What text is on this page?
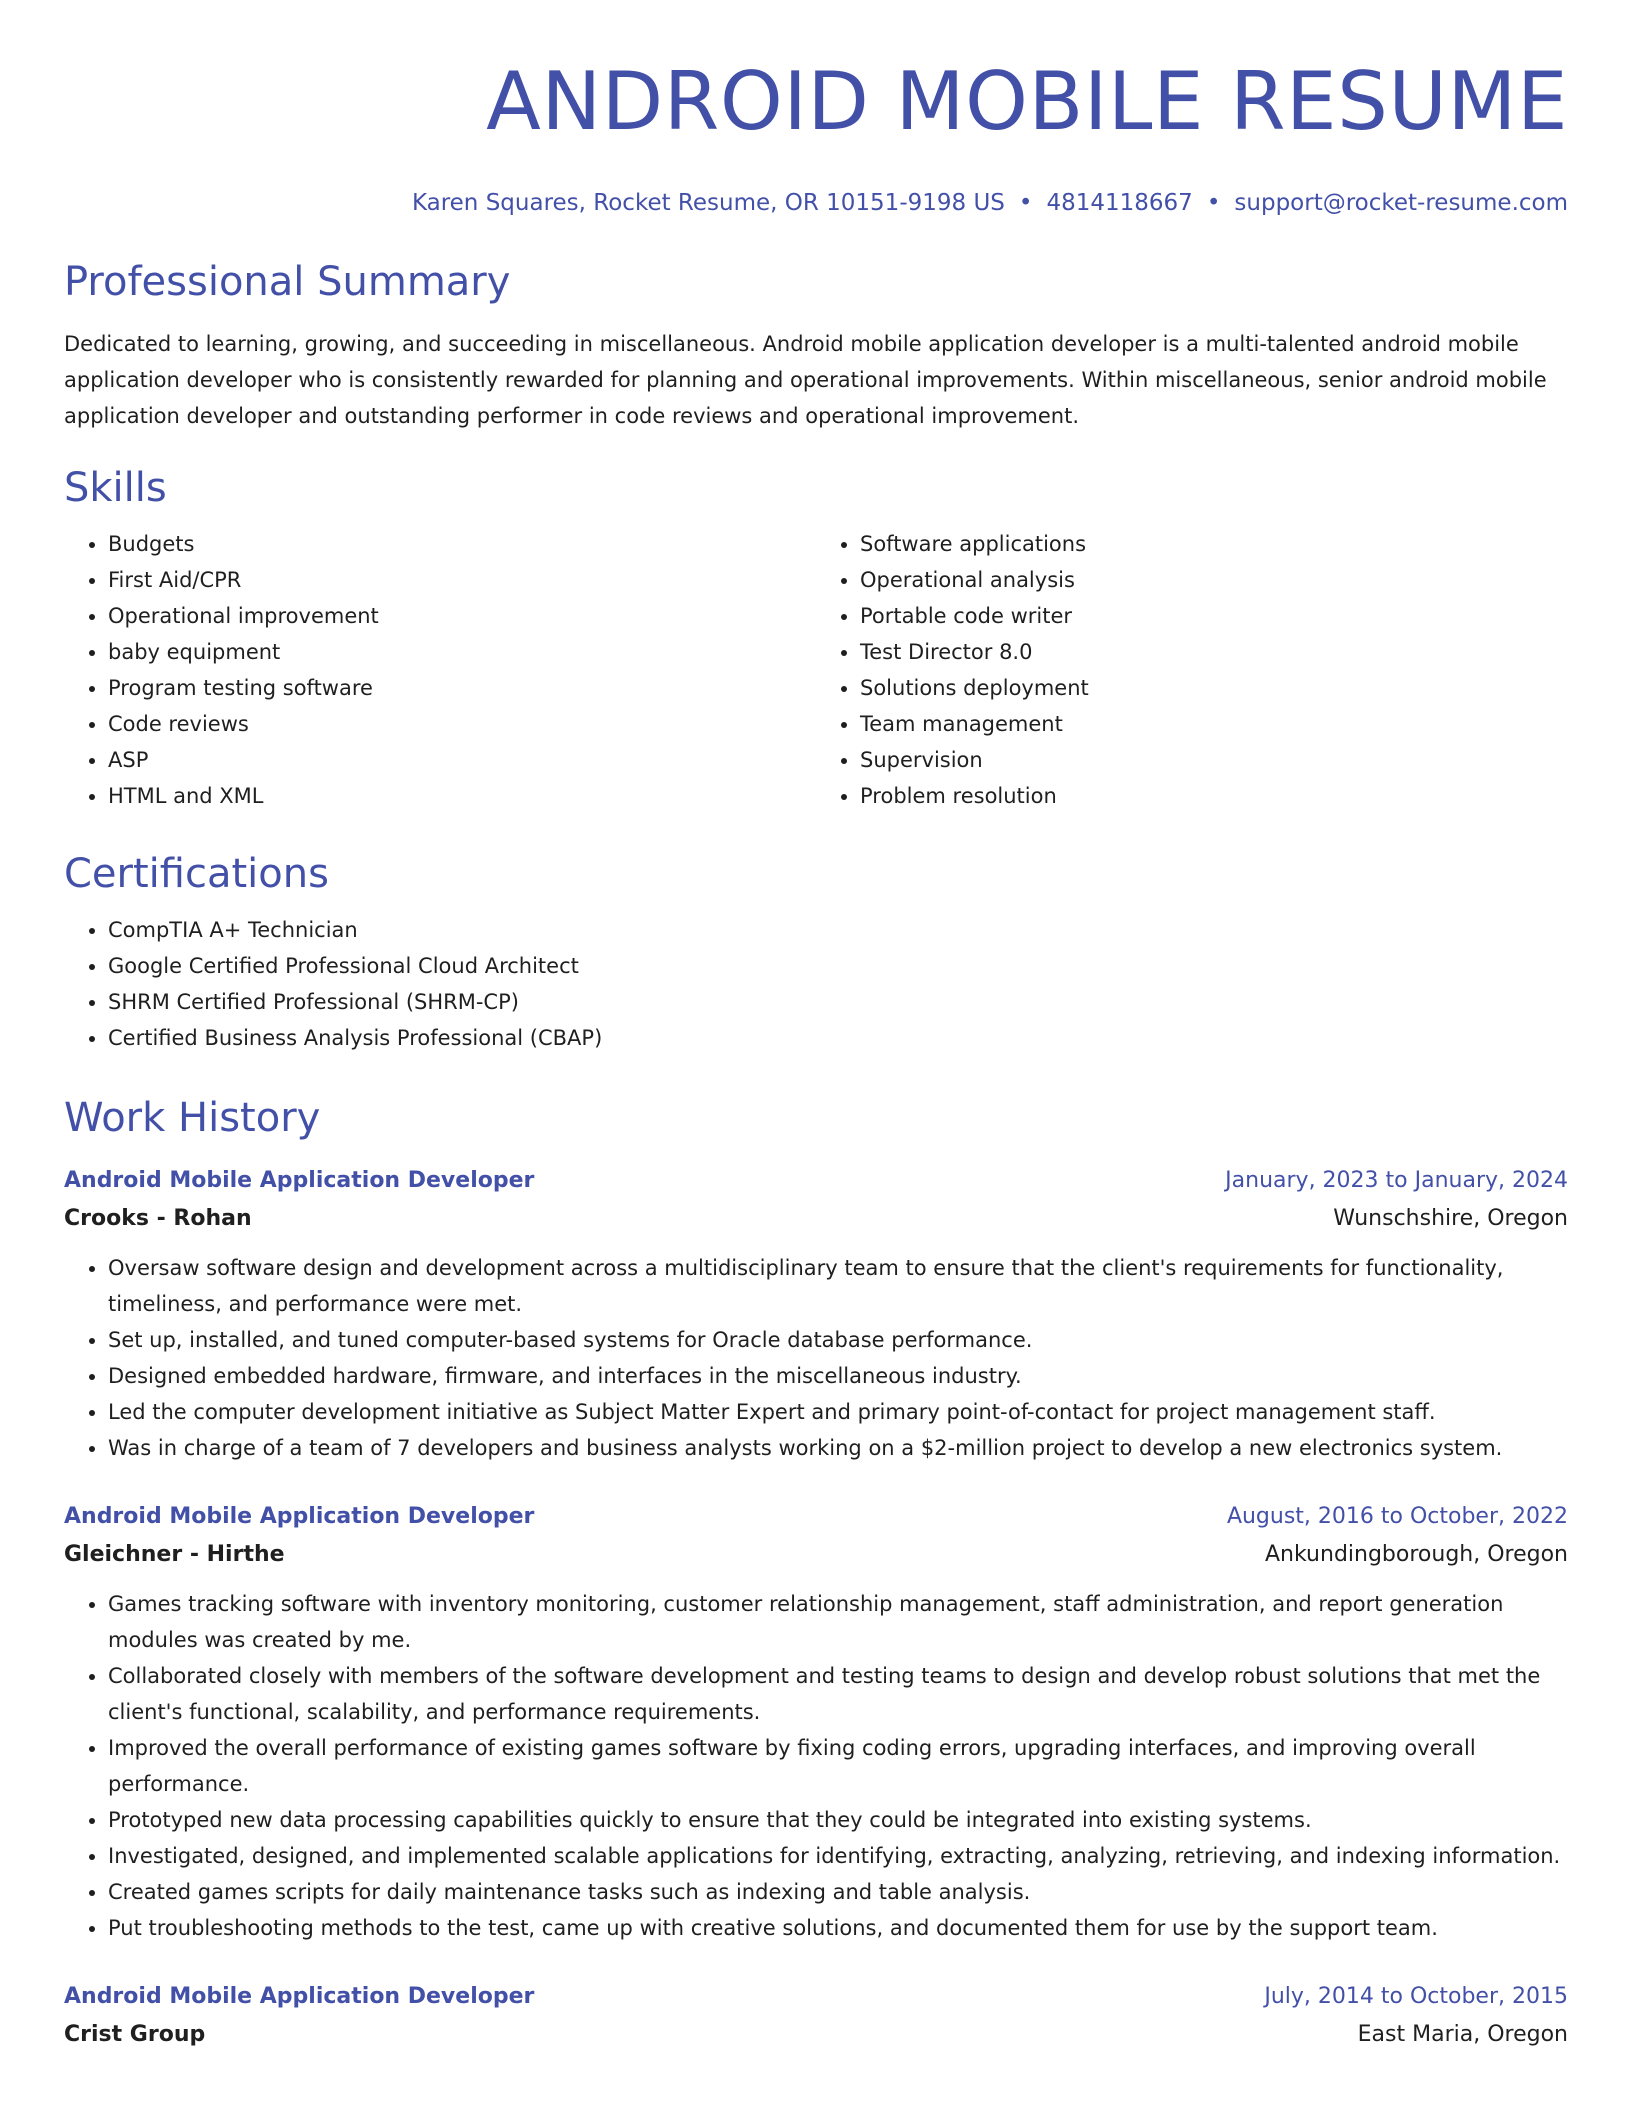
ANDROID MOBILE RESUME
Karen Squares, Rocket Resume, OR 10151-9198 US • 4814118667 • support@rocket-resume.com
Professional Summary

Dedicated to learning, growing, and succeeding in miscellaneous. Android mobile application developer is a multi-talented android mobile application developer who is consistently rewarded for planning and operational improvements. Within miscellaneous, senior android mobile application developer and outstanding performer in code reviews and operational improvement.

Skills
• Budgets
• First Aid/CPR
• Operational improvement
• baby equipment
• Program testing software
• Code reviews
• ASP
• HTML and XML
• Software applications
• Operational analysis
• Portable code writer
• Test Director 8.0
• Solutions deployment
• Team management
• Supervision
• Problem resolution
Certifications
• CompTIA A+ Technician
• Google Certified Professional Cloud Architect
• SHRM Certified Professional (SHRM-CP)
• Certified Business Analysis Professional (CBAP)
Work History
Android Mobile Application Developer	January, 2023 to January, 2024
Crooks - Rohan	Wunschshire, Oregon
• Oversaw software design and development across a multidisciplinary team to ensure that the client's requirements for functionality, timeliness, and performance were met.
• Set up, installed, and tuned computer-based systems for Oracle database performance.
• Designed embedded hardware, firmware, and interfaces in the miscellaneous industry.
• Led the computer development initiative as Subject Matter Expert and primary point-of-contact for project management staff.
• Was in charge of a team of 7 developers and business analysts working on a $2-million project to develop a new electronics system.
Android Mobile Application Developer	August, 2016 to October, 2022
Gleichner - Hirthe	Ankundingborough, Oregon
• Games tracking software with inventory monitoring, customer relationship management, staff administration, and report generation modules was created by me.
• Collaborated closely with members of the software development and testing teams to design and develop robust solutions that met the client's functional, scalability, and performance requirements.
• Improved the overall performance of existing games software by fixing coding errors, upgrading interfaces, and improving overall performance.
• Prototyped new data processing capabilities quickly to ensure that they could be integrated into existing systems.
• Investigated, designed, and implemented scalable applications for identifying, extracting, analyzing, retrieving, and indexing information.
• Created games scripts for daily maintenance tasks such as indexing and table analysis.
• Put troubleshooting methods to the test, came up with creative solutions, and documented them for use by the support team.
Android Mobile Application Developer	July, 2014 to October, 2015
Crist Group	East Maria, Oregon
